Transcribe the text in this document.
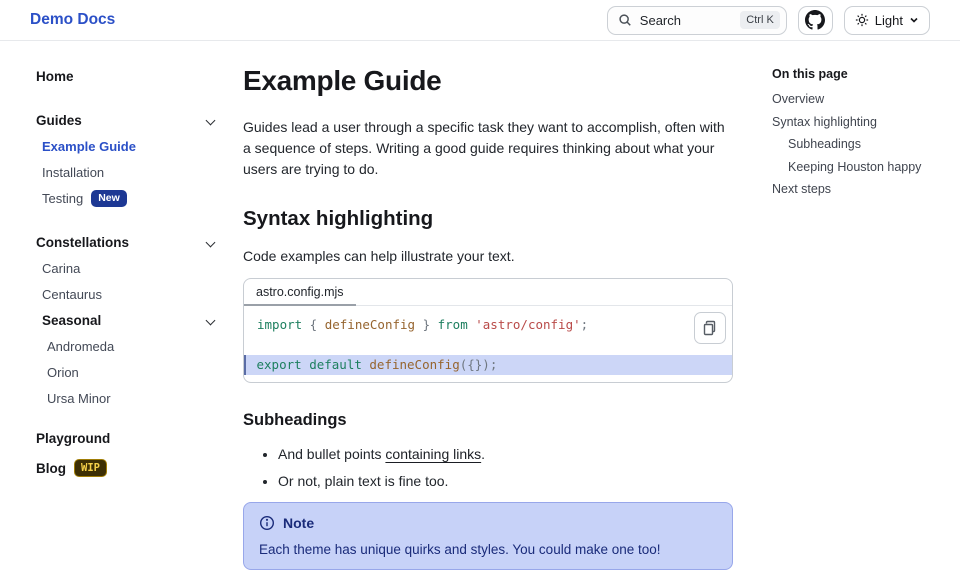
Demo Docs	Search	Ctrl K	Light
Home
Guides
Example Guide
Installation
Testing	New
Constellations
Carina
Centaurus
Seasonal
Andromeda
Orion
Ursa Minor
Playground
Blog	WIP
Example Guide

Guides lead a user through a specific task they want to accomplish, often with a sequence of steps. Writing a good guide requires thinking about what your users are trying to do.

Syntax highlighting

Code examples can help illustrate your text.

astro.config.mjs
import { defineConfig } from 'astro/config';
export default defineConfig({});
Subheadings
• And bullet points containing links.
• Or not, plain text is fine too.
Note

Each theme has unique quirks and styles. You could make one too!

On this page
Overview
Syntax highlighting
Subheadings
Keeping Houston happy
Next steps
